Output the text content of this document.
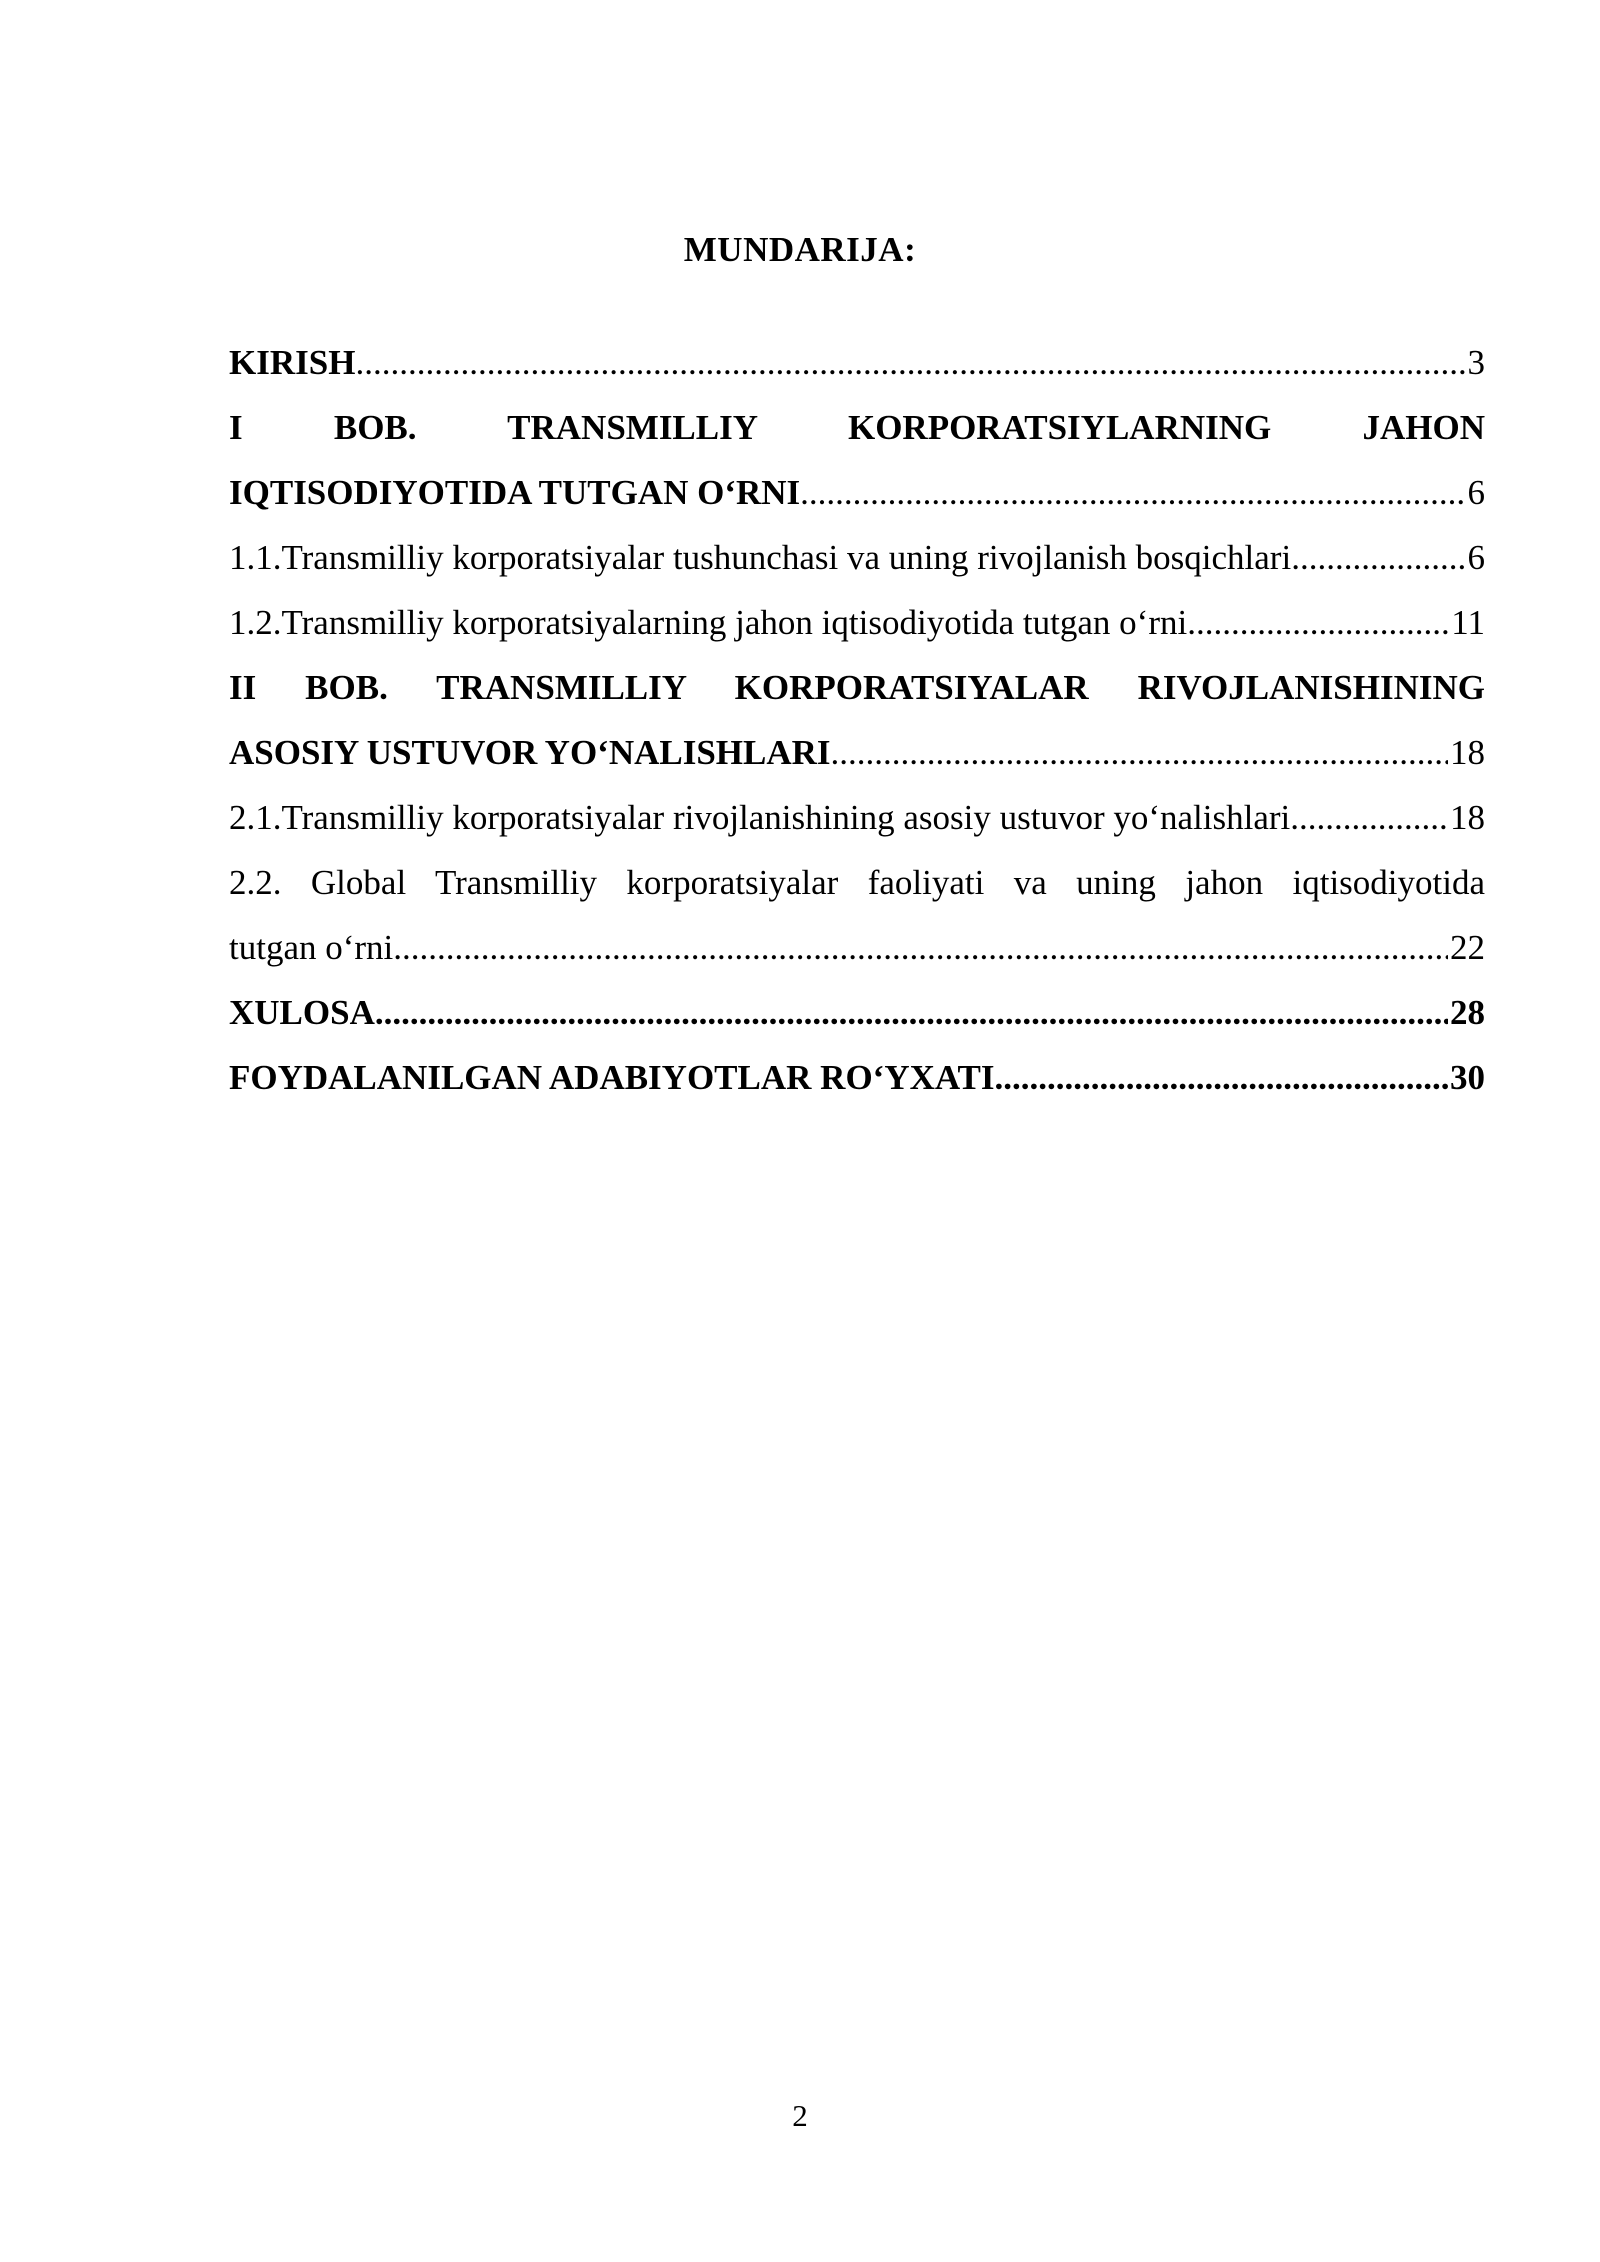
MUNDARIJA:
KIRISH .....	3
I BOB. TRANSMILLIY KORPORATSIYLARNING JAHON
IQTISODIYOTIDA TUTGAN O‘RNI .....	6
1.1.Transmilliy korporatsiyalar tushunchasi va uning rivojlanish bosqichlari .....	6
1.2.Transmilliy korporatsiyalarning jahon iqtisodiyotida tutgan o‘rni .....	11
II BOB. TRANSMILLIY KORPORATSIYALAR RIVOJLANISHINING
ASOSIY USTUVOR YO‘NALISHLARI .....	18
2.1.Transmilliy korporatsiyalar rivojlanishining asosiy ustuvor yo‘nalishlari .....	18
2.2. Global Transmilliy korporatsiyalar faoliyati va uning jahon iqtisodiyotida
tutgan o‘rni .....	22
XULOSA .....	28
FOYDALANILGAN ADABIYOTLAR RO‘YXATI .....	30
2
